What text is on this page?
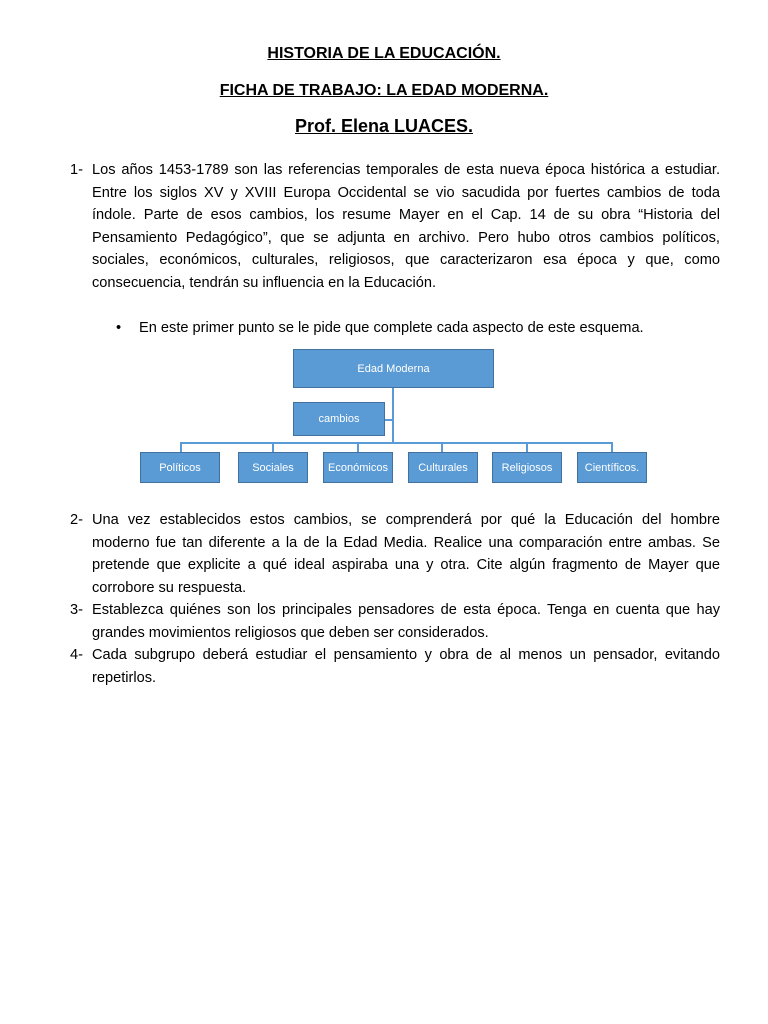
HISTORIA DE LA EDUCACIÓN.
FICHA DE TRABAJO: LA EDAD MODERNA.
Prof. Elena LUACES.
1- Los años 1453-1789 son las referencias temporales de esta nueva época histórica a estudiar. Entre los siglos XV y XVIII Europa Occidental se vio sacudida por fuertes cambios de toda índole. Parte de esos cambios, los resume Mayer en el Cap. 14 de su obra “Historia del Pensamiento Pedagógico”, que se adjunta en archivo. Pero hubo otros cambios políticos, sociales, económicos, culturales, religiosos, que caracterizaron esa época y que, como consecuencia, tendrán su influencia en la Educación.
• En este primer punto se le pide que complete cada aspecto de este esquema.
Edad Moderna
cambios
Políticos	Sociales	Económicos	Culturales	Religiosos	Científicos.
2- Una vez establecidos estos cambios, se comprenderá por qué la Educación del hombre moderno fue tan diferente a la de la Edad Media. Realice una comparación entre ambas. Se pretende que explicite a qué ideal aspiraba una y otra. Cite algún fragmento de Mayer que corrobore su respuesta.
3- Establezca quiénes son los principales pensadores de esta época. Tenga en cuenta que hay grandes movimientos religiosos que deben ser considerados.
4- Cada subgrupo deberá estudiar el pensamiento y obra de al menos un pensador, evitando repetirlos.
